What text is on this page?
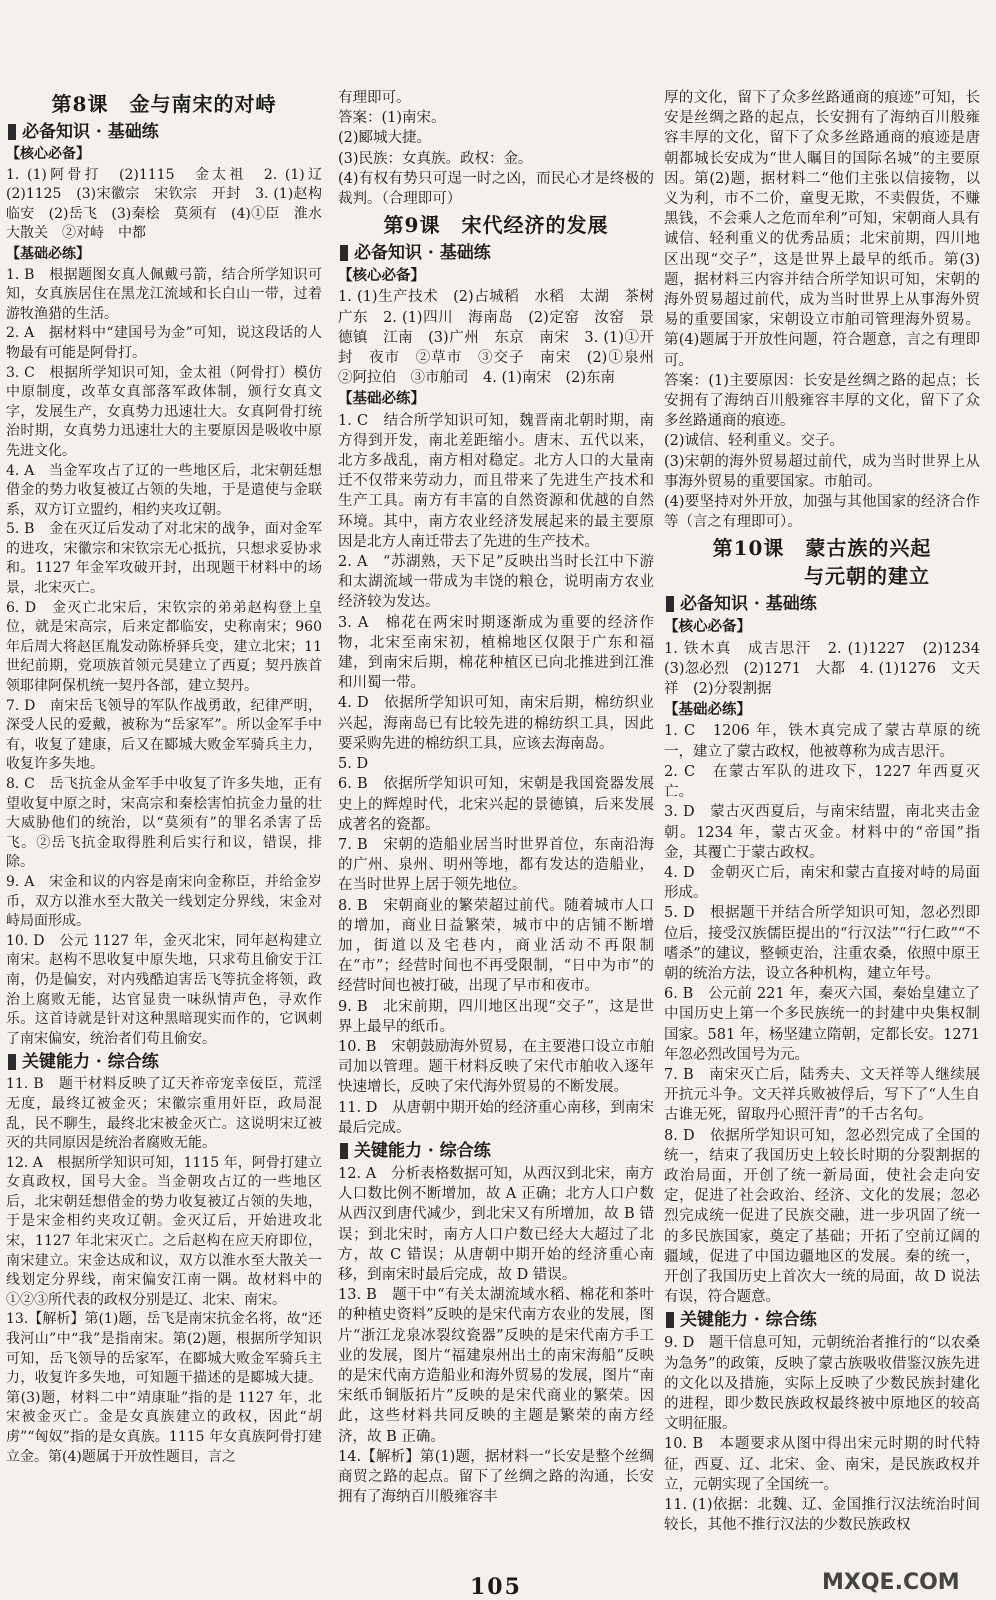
第8课　金与南宋的对峙
必备知识 · 基础练
【核心必备】

1. (1)阿骨打　(2)1115　金太祖　2. (1)辽　(2)1125　(3)宋徽宗　宋钦宗　开封　3. (1)赵构　临安　(2)岳飞　(3)秦桧　莫须有　(4)①臣　淮水　大散关　②对峙　中都

【基础必练】

1. B　根据题图女真人佩戴弓箭，结合所学知识可知，女真族居住在黑龙江流域和长白山一带，过着游牧渔猎的生活。

2. A　据材料中“建国号为金”可知，说这段话的人物最有可能是阿骨打。

3. C　根据所学知识可知，金太祖（阿骨打）模仿中原制度，改革女真部落军政体制，颁行女真文字，发展生产，女真势力迅速壮大。女真阿骨打统治时期，女真势力迅速壮大的主要原因是吸收中原先进文化。

4. A　当金军攻占了辽的一些地区后，北宋朝廷想借金的势力收复被辽占领的失地，于是遣使与金联系，双方订立盟约，相约夹攻辽朝。

5. B　金在灭辽后发动了对北宋的战争，面对金军的进攻，宋徽宗和宋钦宗无心抵抗，只想求妥协求和。1127 年金军攻破开封，出现题干材料中的场景，北宋灭亡。

6. D　金灭亡北宋后，宋钦宗的弟弟赵构登上皇位，就是宋高宗，后来定都临安，史称南宋；960 年后周大将赵匡胤发动陈桥驿兵变，建立北宋；11 世纪前期，党项族首领元昊建立了西夏；契丹族首领耶律阿保机统一契丹各部，建立契丹。

7. D　南宋岳飞领导的军队作战勇敢，纪律严明，深受人民的爱戴，被称为“岳家军”。所以金军手中有，收复了建康，后又在郾城大败金军骑兵主力，收复许多失地。

8. C　岳飞抗金从金军手中收复了许多失地，正有望收复中原之时，宋高宗和秦桧害怕抗金力量的壮大威胁他们的统治，以“莫须有”的罪名杀害了岳飞。②岳飞抗金取得胜利后实行和议，错误，排除。

9. A　宋金和议的内容是南宋向金称臣，并给金岁币，双方以淮水至大散关一线划定分界线，宋金对峙局面形成。

10. D　公元 1127 年，金灭北宋，同年赵构建立南宋。赵构不思收复中原失地，只求苟且偷安于江南，仍是偏安，对内残酷迫害岳飞等抗金将领，政治上腐败无能，达官显贵一味纵情声色，寻欢作乐。这首诗就是针对这种黑暗现实而作的，它讽刺了南宋偏安，统治者们苟且偷安。

关键能力 · 综合练

11. B　题干材料反映了辽天祚帝宠幸佞臣，荒淫无度，最终辽被金灭；宋徽宗重用奸臣，政局混乱，民不聊生，最终北宋被金灭亡。这说明宋辽被灭的共同原因是统治者腐败无能。

12. A　根据所学知识可知，1115 年，阿骨打建立女真政权，国号大金。当金朝攻占辽的一些地区后，北宋朝廷想借金的势力收复被辽占领的失地，于是宋金相约夹攻辽朝。金灭辽后，开始进攻北宋，1127 年北宋灭亡。之后赵构在应天府即位，南宋建立。宋金达成和议，双方以淮水至大散关一线划定分界线，南宋偏安江南一隅。故材料中的①②③所代表的政权分别是辽、北宋、南宋。

13.【解析】第(1)题，岳飞是南宋抗金名将，故“还我河山”中“我”是指南宋。第(2)题，根据所学知识可知，岳飞领导的岳家军，在郾城大败金军骑兵主力，收复许多失地，可知题干描述的是郾城大捷。第(3)题，材料二中“靖康耻”指的是 1127 年，北宋被金灭亡。金是女真族建立的政权，因此“胡虏”“匈奴”指的是女真族。1115 年女真族阿骨打建立金。第(4)题属于开放性题目，言之

有理即可。

答案：(1)南宋。

(2)郾城大捷。

(3)民族：女真族。政权：金。

(4)有权有势只可逞一时之凶，而民心才是终极的裁判。（合理即可）

第9课　宋代经济的发展
必备知识 · 基础练
【核心必备】

1. (1)生产技术　(2)占城稻　水稻　太湖　茶树　广东　2. (1)四川　海南岛　(2)定窑　汝窑　景德镇　江南　(3)广州　东京　南宋　3. (1)①开封　夜市　②草市　③交子　南宋　(2)①泉州　②阿拉伯　③市舶司　4. (1)南宋　(2)东南

【基础必练】

1. C　结合所学知识可知，魏晋南北朝时期，南方得到开发，南北差距缩小。唐末、五代以来，北方多战乱，南方相对稳定。北方人口的大量南迁不仅带来劳动力，而且带来了先进生产技术和生产工具。南方有丰富的自然资源和优越的自然环境。其中，南方农业经济发展起来的最主要原因是北方人南迁带去了先进的生产技术。

2. A　“苏湖熟，天下足”反映出当时长江中下游和太湖流域一带成为丰饶的粮仓，说明南方农业经济较为发达。

3. A　棉花在两宋时期逐渐成为重要的经济作物，北宋至南宋初，植棉地区仅限于广东和福建，到南宋后期，棉花种植区已向北推进到江淮和川蜀一带。

4. D　依据所学知识可知，南宋后期，棉纺织业兴起，海南岛已有比较先进的棉纺织工具，因此要采购先进的棉纺织工具，应该去海南岛。

5. D

6. B　依据所学知识可知，宋朝是我国瓷器发展史上的辉煌时代，北宋兴起的景德镇，后来发展成著名的瓷都。

7. B　宋朝的造船业居当时世界首位，东南沿海的广州、泉州、明州等地，都有发达的造船业，在当时世界上居于领先地位。

8. B　宋朝商业的繁荣超过前代。随着城市人口的增加，商业日益繁荣，城市中的店铺不断增加，街道以及宅巷内，商业活动不再限制在“市”；经营时间也不再受限制，“日中为市”的经营时间也被打破，出现了早市和夜市。

9. B　北宋前期，四川地区出现“交子”，这是世界上最早的纸币。

10. B　宋朝鼓励海外贸易，在主要港口设立市舶司加以管理。题干材料反映了宋代市舶收入逐年快速增长，反映了宋代海外贸易的不断发展。

11. D　从唐朝中期开始的经济重心南移，到南宋最后完成。

关键能力 · 综合练

12. A　分析表格数据可知，从西汉到北宋，南方人口数比例不断增加，故 A 正确；北方人口户数从西汉到唐代减少，到北宋又有所增加，故 B 错误；到北宋时，南方人口户数已经大大超过了北方，故 C 错误；从唐朝中期开始的经济重心南移，到南宋时最后完成，故 D 错误。

13. B　题干中“有关太湖流域水稻、棉花和茶叶的种植史资料”反映的是宋代南方农业的发展，图片“浙江龙泉冰裂纹瓷器”反映的是宋代南方手工业的发展，图片“福建泉州出土的南宋海船”反映的是宋代南方造船业和海外贸易的发展，图片“南宋纸币铜版拓片”反映的是宋代商业的繁荣。因此，这些材料共同反映的主题是繁荣的南方经济，故 B 正确。

14.【解析】第(1)题，据材料一“长安是整个丝绸商贸之路的起点。留下了丝绸之路的沟通，长安拥有了海纳百川般雍容丰

厚的文化，留下了众多丝路通商的痕迹”可知，长安是丝绸之路的起点，长安拥有了海纳百川般雍容丰厚的文化，留下了众多丝路通商的痕迹是唐朝都城长安成为“世人瞩目的国际名城”的主要原因。第(2)题，据材料二“他们主张以信接物，以义为利，市不二价，童叟无欺，不卖假货，不赚黑钱，不会乘人之危而牟利”可知，宋朝商人具有诚信、轻利重义的优秀品质；北宋前期，四川地区出现“交子”，这是世界上最早的纸币。第(3)题，据材料三内容并结合所学知识可知，宋朝的海外贸易超过前代，成为当时世界上从事海外贸易的重要国家，宋朝设立市舶司管理海外贸易。第(4)题属于开放性问题，符合题意，言之有理即可。

答案：(1)主要原因：长安是丝绸之路的起点；长安拥有了海纳百川般雍容丰厚的文化，留下了众多丝路通商的痕迹。

(2)诚信、轻利重义。交子。

(3)宋朝的海外贸易超过前代，成为当时世界上从事海外贸易的重要国家。市舶司。

(4)要坚持对外开放，加强与其他国家的经济合作等（言之有理即可）。

第10课　蒙古族的兴起
与元朝的建立
必备知识 · 基础练
【核心必备】

1. 铁木真　成吉思汗　2. (1)1227　(2)1234　(3)忽必烈　(2)1271　大都　4. (1)1276　文天祥　(2)分裂割据

【基础必练】

1. C　1206 年，铁木真完成了蒙古草原的统一，建立了蒙古政权，他被尊称为成吉思汗。

2. C　在蒙古军队的进攻下，1227 年西夏灭亡。

3. D　蒙古灭西夏后，与南宋结盟，南北夹击金朝。1234 年，蒙古灭金。材料中的“帝国”指金，其覆亡于蒙古政权。

4. D　金朝灭亡后，南宋和蒙古直接对峙的局面形成。

5. D　根据题干并结合所学知识可知，忽必烈即位后，接受汉族儒臣提出的“行汉法”“行仁政”“不嗜杀”的建议，整顿吏治，注重农桑，依照中原王朝的统治方法，设立各种机构，建立年号。

6. B　公元前 221 年，秦灭六国，秦始皇建立了中国历史上第一个多民族统一的封建中央集权制国家。581 年，杨坚建立隋朝，定都长安。1271 年忽必烈改国号为元。

7. B　南宋灭亡后，陆秀夫、文天祥等人继续展开抗元斗争。文天祥兵败被俘后，写下了“人生自古谁无死，留取丹心照汗青”的千古名句。

8. D　依据所学知识可知，忽必烈完成了全国的统一，结束了我国历史上较长时期的分裂割据的政治局面，开创了统一新局面，使社会走向安定，促进了社会政治、经济、文化的发展；忽必烈完成统一促进了民族交融，进一步巩固了统一的多民族国家，奠定了基础；开拓了空前辽阔的疆域，促进了中国边疆地区的发展。秦的统一，开创了我国历史上首次大一统的局面，故 D 说法有误，符合题意。

关键能力 · 综合练

9. D　题干信息可知，元朝统治者推行的“以农桑为急务”的政策，反映了蒙古族吸收借鉴汉族先进的文化以及措施，实际上反映了少数民族封建化的进程，即少数民族政权最终被中原地区的较高文明征服。

10. B　本题要求从图中得出宋元时期的时代特征，西夏、辽、北宋、金、南宋，是民族政权并立，元朝实现了全国统一。

11. (1)依据：北魏、辽、金国推行汉法统治时间较长，其他不推行汉法的少数民族政权

105	MXQE.COM
